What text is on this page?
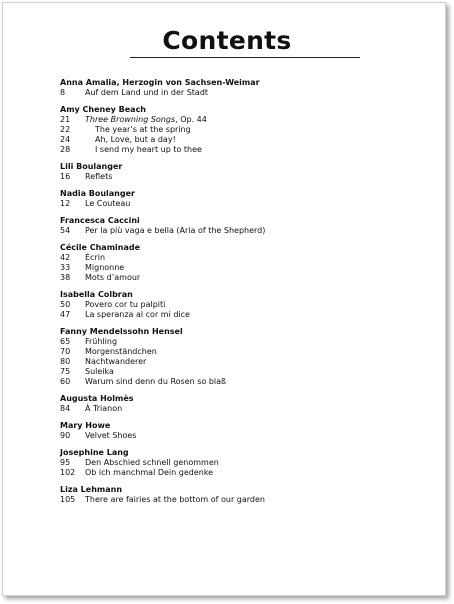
Contents
Anna Amalia, Herzogin von Sachsen-Weimar
8	Auf dem Land und in der Stadt
Amy Cheney Beach
21	Three Browning Songs, Op. 44
22	The year’s at the spring
24	Ah, Love, but a day!
28	I send my heart up to thee
Lili Boulanger
16	Reflets
Nadia Boulanger
12	Le Couteau
Francesca Caccini
54	Per la più vaga e bella (Aria of the Shepherd)
Cécile Chaminade
42	Écrin
33	Mignonne
38	Mots d’amour
Isabella Colbran
50	Povero cor tu palpiti
47	La speranza al cor mi dice
Fanny Mendelssohn Hensel
65	Frühling
70	Morgenständchen
80	Nachtwanderer
75	Suleika
60	Warum sind denn du Rosen so blaß
Augusta Holmès
84	À Trianon
Mary Howe
90	Velvet Shoes
Josephine Lang
95	Den Abschied schnell genommen
102	Ob ich manchmal Dein gedenke
Liza Lehmann
105	There are fairies at the bottom of our garden
